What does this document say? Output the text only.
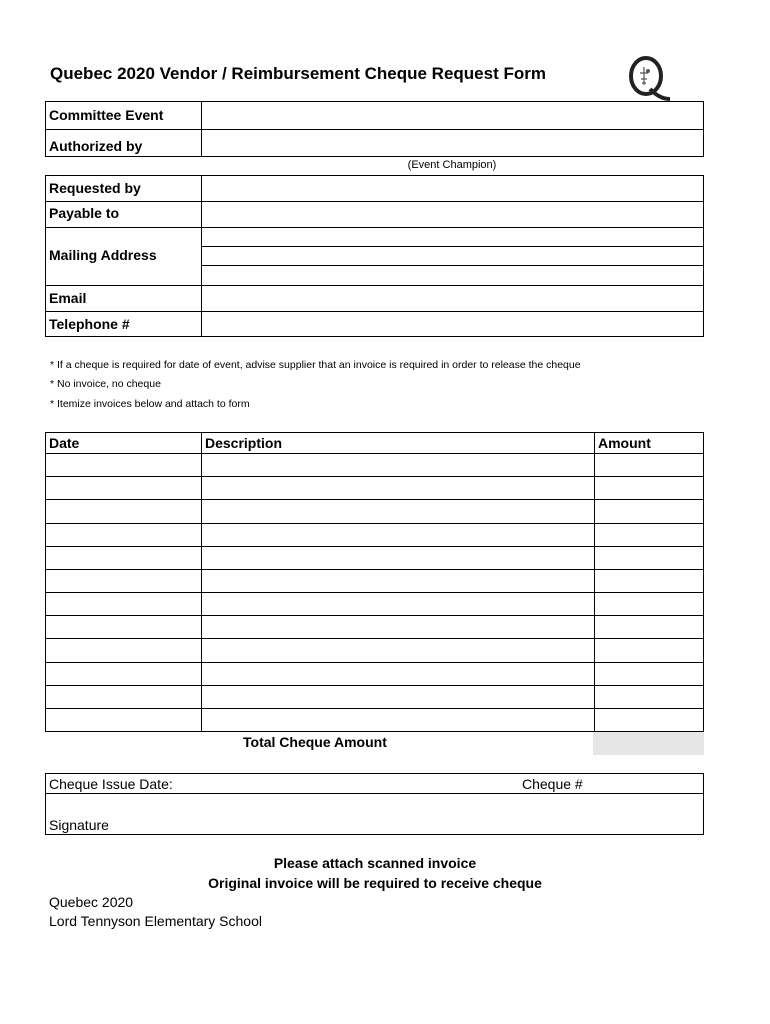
Quebec 2020 Vendor / Reimbursement Cheque Request Form
Committee Event
Authorized by
(Event Champion)
Requested by
Payable to
Mailing Address
Email
Telephone #
* If a cheque is required for date of event, advise supplier that an invoice is required in order to release the cheque
* No invoice, no cheque
* Itemize invoices below and attach to form
Date	Description	Amount
Total Cheque Amount
Cheque Issue Date:	Cheque #
Signature
Please attach scanned invoice
Original invoice will be required to receive cheque
Quebec 2020
Lord Tennyson Elementary School
